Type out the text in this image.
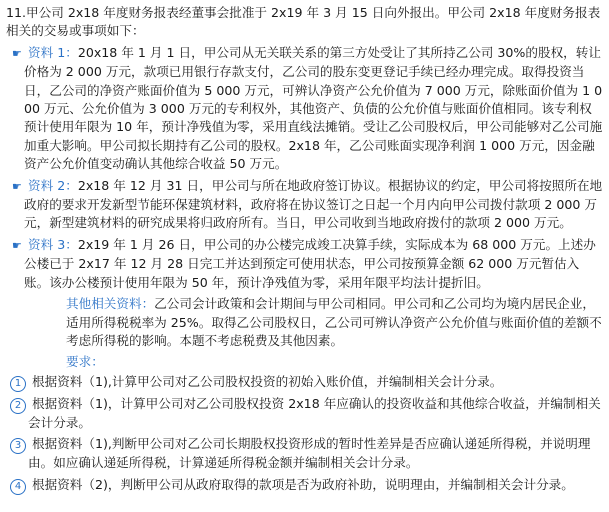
11.甲公司 2x18 年度财务报表经董事会批准于 2x19 年 3 月 15 日向外报出。甲公司 2x18 年度财务报表相关的交易或事项如下：

☛ 资料 1：20x18 年 1 月 1 日，甲公司从无关联关系的第三方处受让了其所持乙公司 30%的股权，转让价格为 2 000 万元，款项已用银行存款支付，乙公司的股东变更登记手续已经办理完成。取得投资当日，乙公司的净资产账面价值为 5 000 万元，可辨认净资产公允价值为 7 000 万元，除账面价值为 1 000 万元、公允价值为 3 000 万元的专利权外，其他资产、负债的公允价值与账面价值相同。该专利权预计使用年限为 10 年，预计净残值为零，采用直线法摊销。受让乙公司股权后，甲公司能够对乙公司施加重大影响。甲公司拟长期持有乙公司的股权。2x18 年，乙公司账面实现净利润 1 000 万元，因金融资产公允价值变动确认其他综合收益 50 万元。

☛ 资料 2：2x18 年 12 月 31 日，甲公司与所在地政府签订协议。根据协议的约定，甲公司将按照所在地政府的要求开发新型节能环保建筑材料，政府将在协议签订之日起一个月内向甲公司拨付款项 2 000 万元，新型建筑材料的研究成果将归政府所有。当日，甲公司收到当地政府拨付的款项 2 000 万元。

☛ 资料 3：2x19 年 1 月 26 日，甲公司的办公楼完成竣工决算手续，实际成本为 68 000 万元。上述办公楼已于 2x17 年 12 月 28 日完工并达到预定可使用状态，甲公司按预算金额 62 000 万元暂估入账。该办公楼预计使用年限为 50 年，预计净残值为零，采用年限平均法计提折旧。

其他相关资料：乙公司会计政策和会计期间与甲公司相同。甲公司和乙公司均为境内居民企业，适用所得税税率为 25%。取得乙公司股权日，乙公司可辨认净资产公允价值与账面价值的差额不考虑所得税的影响。本题不考虑税费及其他因素。

要求：

1 根据资料（1),计算甲公司对乙公司股权投资的初始入账价值，并编制相关会计分录。

2 根据资料（1)，计算甲公司对乙公司股权投资 2x18 年应确认的投资收益和其他综合收益，并编制相关会计分录。

3 根据资料（1),判断甲公司对乙公司长期股权投资形成的暂时性差异是否应确认递延所得税，并说明理由。如应确认递延所得税，计算递延所得税金额并编制相关会计分录。

4 根据资料（2)，判断甲公司从政府取得的款项是否为政府补助，说明理由，并编制相关会计分录。
